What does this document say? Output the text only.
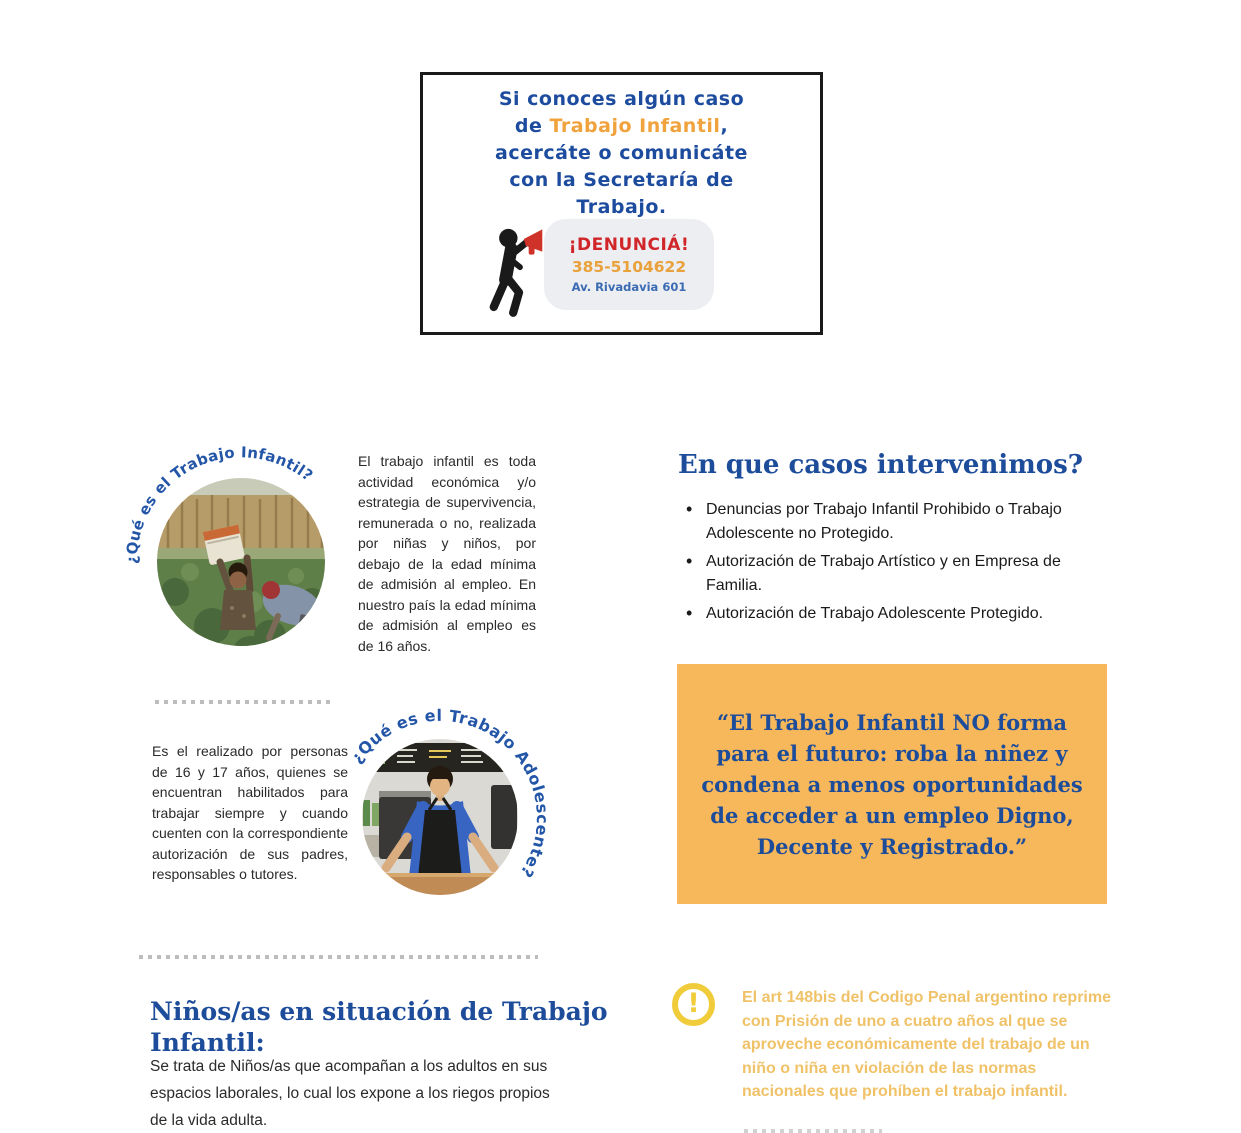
Si conoces algún caso
de Trabajo Infantil,
acercáte o comunicáte
con la Secretaría de
Trabajo.
¡DENUNCIÁ!
385-5104622
Av. Rivadavia 601
¿Qué es el Trabajo Infantil?
El trabajo infantil es toda actividad económica y/o estrategia de supervivencia, remunerada o no, realizada por niñas y niños, por debajo de la edad mínima de admisión al empleo. En nuestro país la edad mínima de admisión al empleo es de 16 años.
En que casos intervenimos?
• Denuncias por Trabajo Infantil Prohibido o Trabajo Adolescente no Protegido.
• Autorización de Trabajo Artístico y en Empresa de Familia.
• Autorización de Trabajo Adolescente Protegido.
“El Trabajo Infantil NO forma para el futuro: roba la niñez y condena a menos oportunidades de acceder a un empleo Digno, Decente y Registrado.”
Es el realizado por personas de 16 y 17 años, quienes se encuentran habilitados para trabajar siempre y cuando cuenten con la correspondiente autorización de sus padres, responsables o tutores.
¿Qué es el Trabajo Adolescente?
Niños/as en situación de Trabajo Infantil:
Se trata de Niños/as que acompañan a los adultos en sus espacios laborales, lo cual los expone a los riegos propios de la vida adulta.
!	El art 148bis del Codigo Penal argentino reprime con Prisión de uno a cuatro años al que se aproveche económicamente del trabajo de un niño o niña en violación de las normas nacionales que prohíben el trabajo infantil.
